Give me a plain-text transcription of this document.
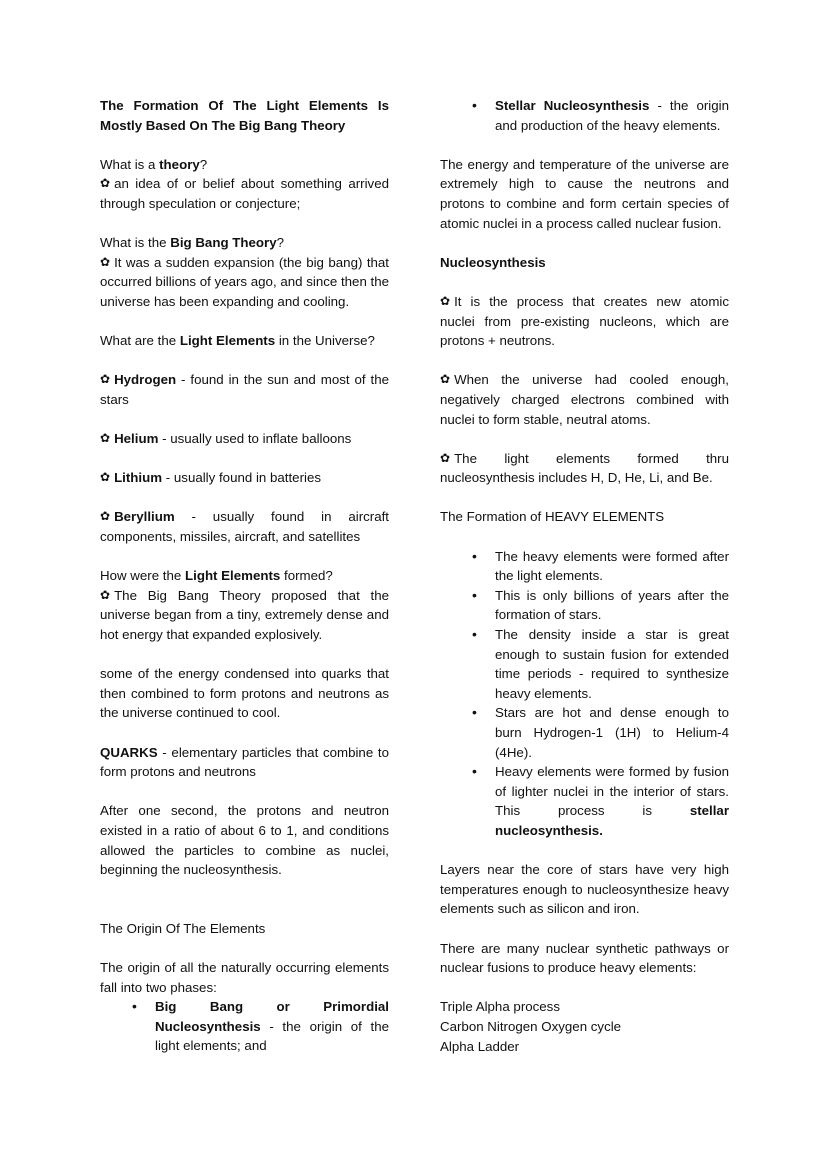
The Formation Of The Light Elements Is Mostly Based On The Big Bang Theory

What is a theory?

✿ an idea of or belief about something arrived through speculation or conjecture;

What is the Big Bang Theory?

✿ It was a sudden expansion (the big bang) that occurred billions of years ago, and since then the universe has been expanding and cooling.

What are the Light Elements in the Universe?

✿ Hydrogen - found in the sun and most of the stars

✿ Helium - usually used to inflate balloons

✿ Lithium - usually found in batteries

✿ Beryllium - usually found in aircraft components, missiles, aircraft, and satellites

How were the Light Elements formed?

✿ The Big Bang Theory proposed that the universe began from a tiny, extremely dense and hot energy that expanded explosively.

some of the energy condensed into quarks that then combined to form protons and neutrons as the universe continued to cool.

QUARKS - elementary particles that combine to form protons and neutrons

After one second, the protons and neutron existed in a ratio of about 6 to 1, and conditions allowed the particles to combine as nuclei, beginning the nucleosynthesis.

The Origin Of The Elements

The origin of all the naturally occurring elements fall into two phases:

• Big Bang or Primordial Nucleosynthesis - the origin of the light elements; and
• Stellar Nucleosynthesis - the origin and production of the heavy elements.

The energy and temperature of the universe are extremely high to cause the neutrons and protons to combine and form certain species of atomic nuclei in a process called nuclear fusion.

Nucleosynthesis

✿ It is the process that creates new atomic nuclei from pre-existing nucleons, which are protons + neutrons.

✿ When the universe had cooled enough, negatively charged electrons combined with nuclei to form stable, neutral atoms.

✿ The light elements formed thru nucleosynthesis includes H, D, He, Li, and Be.

The Formation of HEAVY ELEMENTS

• The heavy elements were formed after the light elements.
• This is only billions of years after the formation of stars.
• The density inside a star is great enough to sustain fusion for extended time periods - required to synthesize heavy elements.
• Stars are hot and dense enough to burn Hydrogen-1 (1H) to Helium-4 (4He).
• Heavy elements were formed by fusion of lighter nuclei in the interior of stars. This process is stellar nucleosynthesis.

Layers near the core of stars have very high temperatures enough to nucleosynthesize heavy elements such as silicon and iron.

There are many nuclear synthetic pathways or nuclear fusions to produce heavy elements:

Triple Alpha process

Carbon Nitrogen Oxygen cycle

Alpha Ladder
